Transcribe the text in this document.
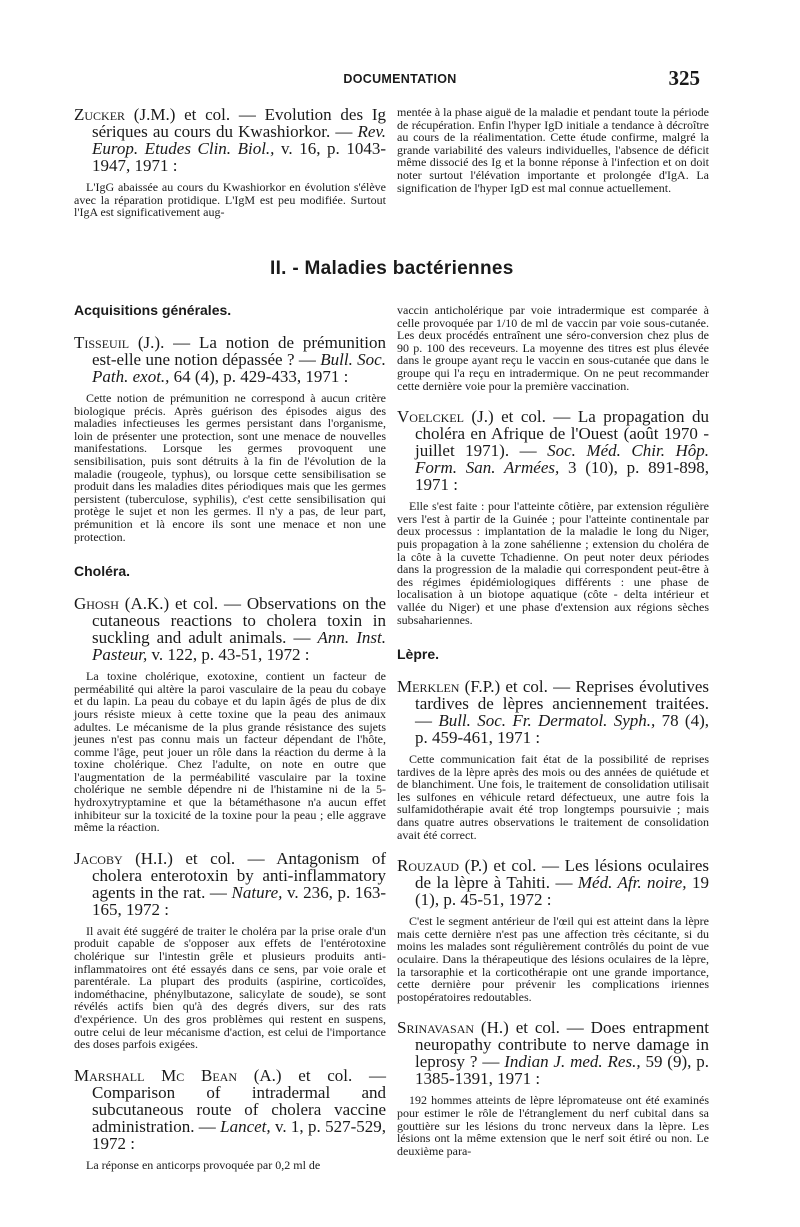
DOCUMENTATION	325

Zucker (J.M.) et col. — Evolution des Ig sériques au cours du Kwashiorkor. — Rev. Europ. Etudes Clin. Biol., v. 16, p. 1043-1947, 1971 :

L'IgG abaissée au cours du Kwashiorkor en évolution s'élève avec la réparation protidique. L'IgM est peu modifiée. Surtout l'IgA est significativement aug-

mentée à la phase aiguë de la maladie et pendant toute la période de récupération. Enfin l'hyper IgD initiale a tendance à décroître au cours de la réalimentation. Cette étude confirme, malgré la grande variabilité des valeurs individuelles, l'absence de déficit même dissocié des Ig et la bonne réponse à l'infection et on doit noter surtout l'élévation importante et prolongée d'IgA. La signification de l'hyper IgD est mal connue actuellement.

II. - Maladies bactériennes
Acquisitions générales.

Tisseuil (J.). — La notion de prémunition est-elle une notion dépassée ? — Bull. Soc. Path. exot., 64 (4), p. 429-433, 1971 :

Cette notion de prémunition ne correspond à aucun critère biologique précis. Après guérison des épisodes aigus des maladies infectieuses les germes persistant dans l'organisme, loin de présenter une protection, sont une menace de nouvelles manifestations. Lorsque les germes provoquent une sensibilisation, puis sont détruits à la fin de l'évolution de la maladie (rougeole, typhus), ou lorsque cette sensibilisation se produit dans les maladies dites périodiques mais que les germes persistent (tuberculose, syphilis), c'est cette sensibilisation qui protège le sujet et non les germes. Il n'y a pas, de leur part, prémunition et là encore ils sont une menace et non une protection.

Choléra.

Ghosh (A.K.) et col. — Observations on the cutaneous reactions to cholera toxin in suckling and adult animals. — Ann. Inst. Pasteur, v. 122, p. 43-51, 1972 :

La toxine cholérique, exotoxine, contient un facteur de perméabilité qui altère la paroi vasculaire de la peau du cobaye et du lapin. La peau du cobaye et du lapin âgés de plus de dix jours résiste mieux à cette toxine que la peau des animaux adultes. Le mécanisme de la plus grande résistance des sujets jeunes n'est pas connu mais un facteur dépendant de l'hôte, comme l'âge, peut jouer un rôle dans la réaction du derme à la toxine cholérique. Chez l'adulte, on note en outre que l'augmentation de la perméabilité vasculaire par la toxine cholérique ne semble dépendre ni de l'histamine ni de la 5-hydroxytryptamine et que la bétaméthasone n'a aucun effet inhibiteur sur la toxicité de la toxine pour la peau ; elle aggrave même la réaction.

Jacoby (H.I.) et col. — Antagonism of cholera enterotoxin by anti-inflammatory agents in the rat. — Nature, v. 236, p. 163-165, 1972 :

Il avait été suggéré de traiter le choléra par la prise orale d'un produit capable de s'opposer aux effets de l'entérotoxine cholérique sur l'intestin grêle et plusieurs produits anti-inflammatoires ont été essayés dans ce sens, par voie orale et parentérale. La plupart des produits (aspirine, corticoïdes, indométhacine, phénylbutazone, salicylate de soude), se sont révélés actifs bien qu'à des degrés divers, sur des rats d'expérience. Un des gros problèmes qui restent en suspens, outre celui de leur mécanisme d'action, est celui de l'importance des doses parfois exigées.

Marshall Mc Bean (A.) et col. — Comparison of intradermal and subcutaneous route of cholera vaccine administration. — Lancet, v. 1, p. 527-529, 1972 :

La réponse en anticorps provoquée par 0,2 ml de

vaccin anticholérique par voie intradermique est comparée à celle provoquée par 1/10 de ml de vaccin par voie sous-cutanée. Les deux procédés entraînent une séro-conversion chez plus de 90 p. 100 des receveurs. La moyenne des titres est plus élevée dans le groupe ayant reçu le vaccin en sous-cutanée que dans le groupe qui l'a reçu en intradermique. On ne peut recommander cette dernière voie pour la première vaccination.

Voelckel (J.) et col. — La propagation du choléra en Afrique de l'Ouest (août 1970 - juillet 1971). — Soc. Méd. Chir. Hôp. Form. San. Armées, 3 (10), p. 891-898, 1971 :

Elle s'est faite : pour l'atteinte côtière, par extension régulière vers l'est à partir de la Guinée ; pour l'atteinte continentale par deux processus : implantation de la maladie le long du Niger, puis propagation à la zone sahélienne ; extension du choléra de la côte à la cuvette Tchadienne. On peut noter deux périodes dans la progression de la maladie qui correspondent peut-être à des régimes épidémiologiques différents : une phase de localisation à un biotope aquatique (côte - delta intérieur et vallée du Niger) et une phase d'extension aux régions sèches subsahariennes.

Lèpre.

Merklen (F.P.) et col. — Reprises évolutives tardives de lèpres anciennement traitées. — Bull. Soc. Fr. Dermatol. Syph., 78 (4), p. 459-461, 1971 :

Cette communication fait état de la possibilité de reprises tardives de la lèpre après des mois ou des années de quiétude et de blanchiment. Une fois, le traitement de consolidation utilisait les sulfones en véhicule retard défectueux, une autre fois la sulfamidothérapie avait été trop longtemps poursuivie ; mais dans quatre autres observations le traitement de consolidation avait été correct.

Rouzaud (P.) et col. — Les lésions oculaires de la lèpre à Tahiti. — Méd. Afr. noire, 19 (1), p. 45-51, 1972 :

C'est le segment antérieur de l'œil qui est atteint dans la lèpre mais cette dernière n'est pas une affection très cécitante, si du moins les malades sont régulièrement contrôlés du point de vue oculaire. Dans la thérapeutique des lésions oculaires de la lèpre, la tarsoraphie et la corticothérapie ont une grande importance, cette dernière pour prévenir les complications iriennes postopératoires redoutables.

Srinavasan (H.) et col. — Does entrapment neuropathy contribute to nerve damage in leprosy ? — Indian J. med. Res., 59 (9), p. 1385-1391, 1971 :

192 hommes atteints de lèpre lépromateuse ont été examinés pour estimer le rôle de l'étranglement du nerf cubital dans sa gouttière sur les lésions du tronc nerveux dans la lèpre. Les lésions ont la même extension que le nerf soit étiré ou non. Le deuxième para-
